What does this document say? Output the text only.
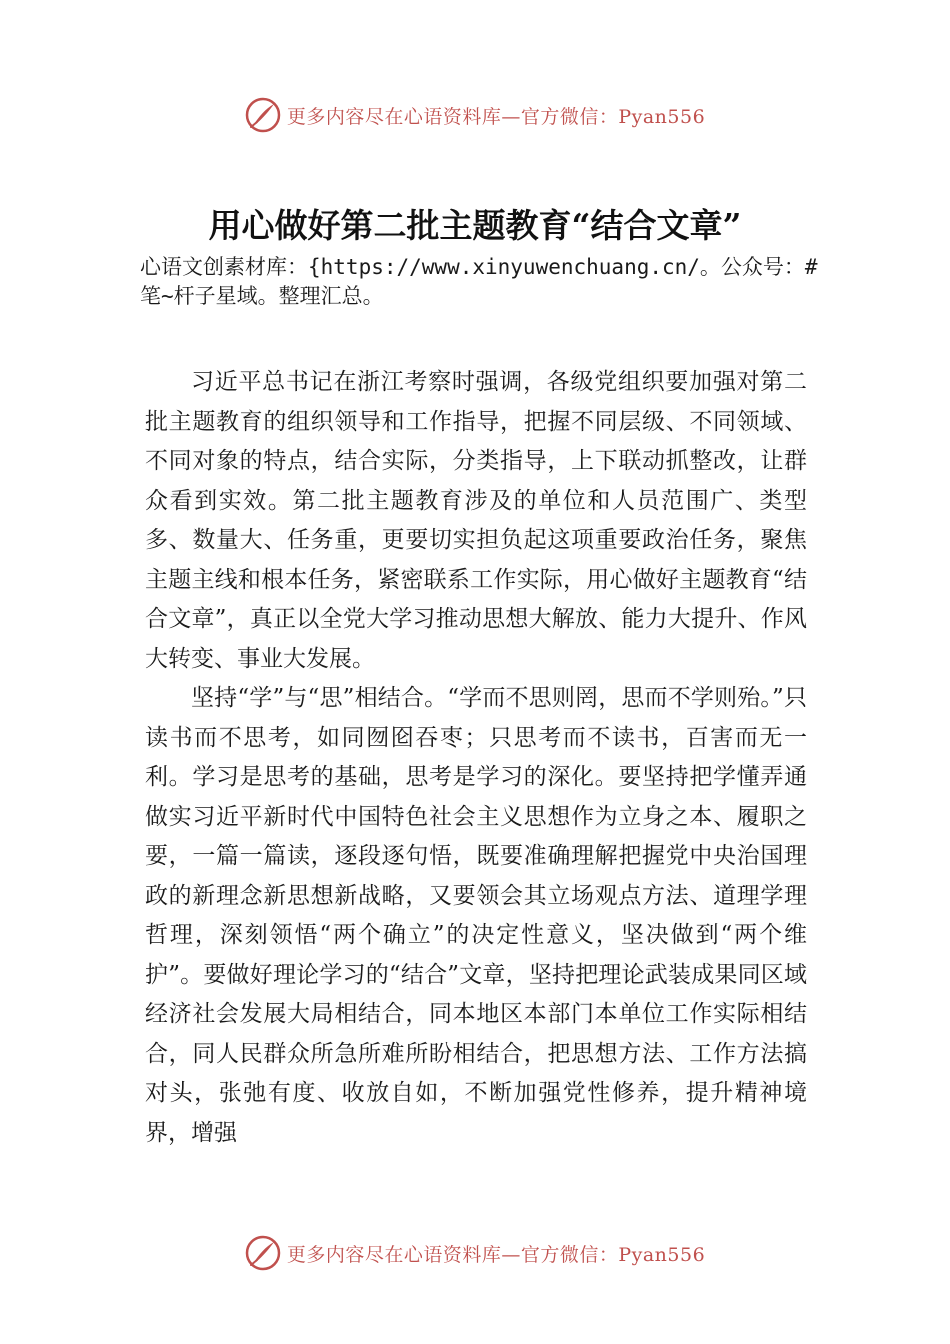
更多内容尽在心语资料库—官方微信：Pyan556
用心做好第二批主题教育“结合文章”
心语文创素材库：{https://www.xinyuwenchuang.cn/。公众号：#笔~杆子星域。整理汇总。

习近平总书记在浙江考察时强调，各级党组织要加强对第二批主题教育的组织领导和工作指导，把握不同层级、不同领域、不同对象的特点，结合实际，分类指导，上下联动抓整改，让群众看到实效。第二批主题教育涉及的单位和人员范围广、类型多、数量大、任务重，更要切实担负起这项重要政治任务，聚焦主题主线和根本任务，紧密联系工作实际，用心做好主题教育“结合文章”，真正以全党大学习推动思想大解放、能力大提升、作风大转变、事业大发展。

坚持“学”与“思”相结合。“学而不思则罔，思而不学则殆。”只读书而不思考，如同囫囵吞枣；只思考而不读书，百害而无一利。学习是思考的基础，思考是学习的深化。要坚持把学懂弄通做实习近平新时代中国特色社会主义思想作为立身之本、履职之要，一篇一篇读，逐段逐句悟，既要准确理解把握党中央治国理政的新理念新思想新战略，又要领会其立场观点方法、道理学理哲理，深刻领悟“两个确立”的决定性意义，坚决做到“两个维护”。要做好理论学习的“结合”文章，坚持把理论武装成果同区域经济社会发展大局相结合，同本地区本部门本单位工作实际相结合，同人民群众所急所难所盼相结合，把思想方法、工作方法搞对头，张弛有度、收放自如，不断加强党性修养，提升精神境界，增强

更多内容尽在心语资料库—官方微信：Pyan556
